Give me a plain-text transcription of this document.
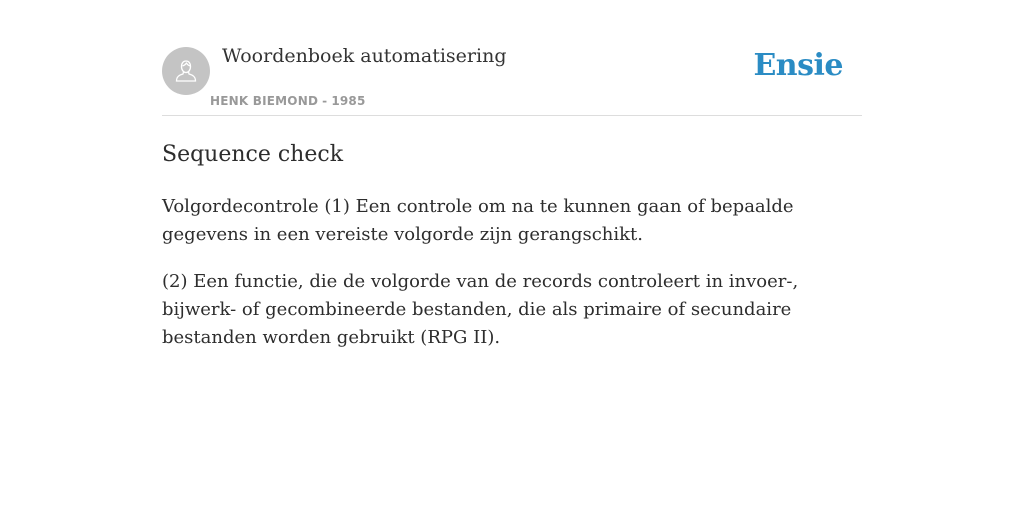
Woordenboek automatisering
HENK BIEMOND - 1985
Ensie
Sequence check

Volgordecontrole (1) Een controle om na te kunnen gaan of bepaalde gegevens in een vereiste volgorde zijn gerangschikt.

(2) Een functie, die de volgorde van de records controleert in invoer-, bijwerk- of gecombineerde bestanden, die als primaire of secundaire bestanden worden gebruikt (RPG II).
